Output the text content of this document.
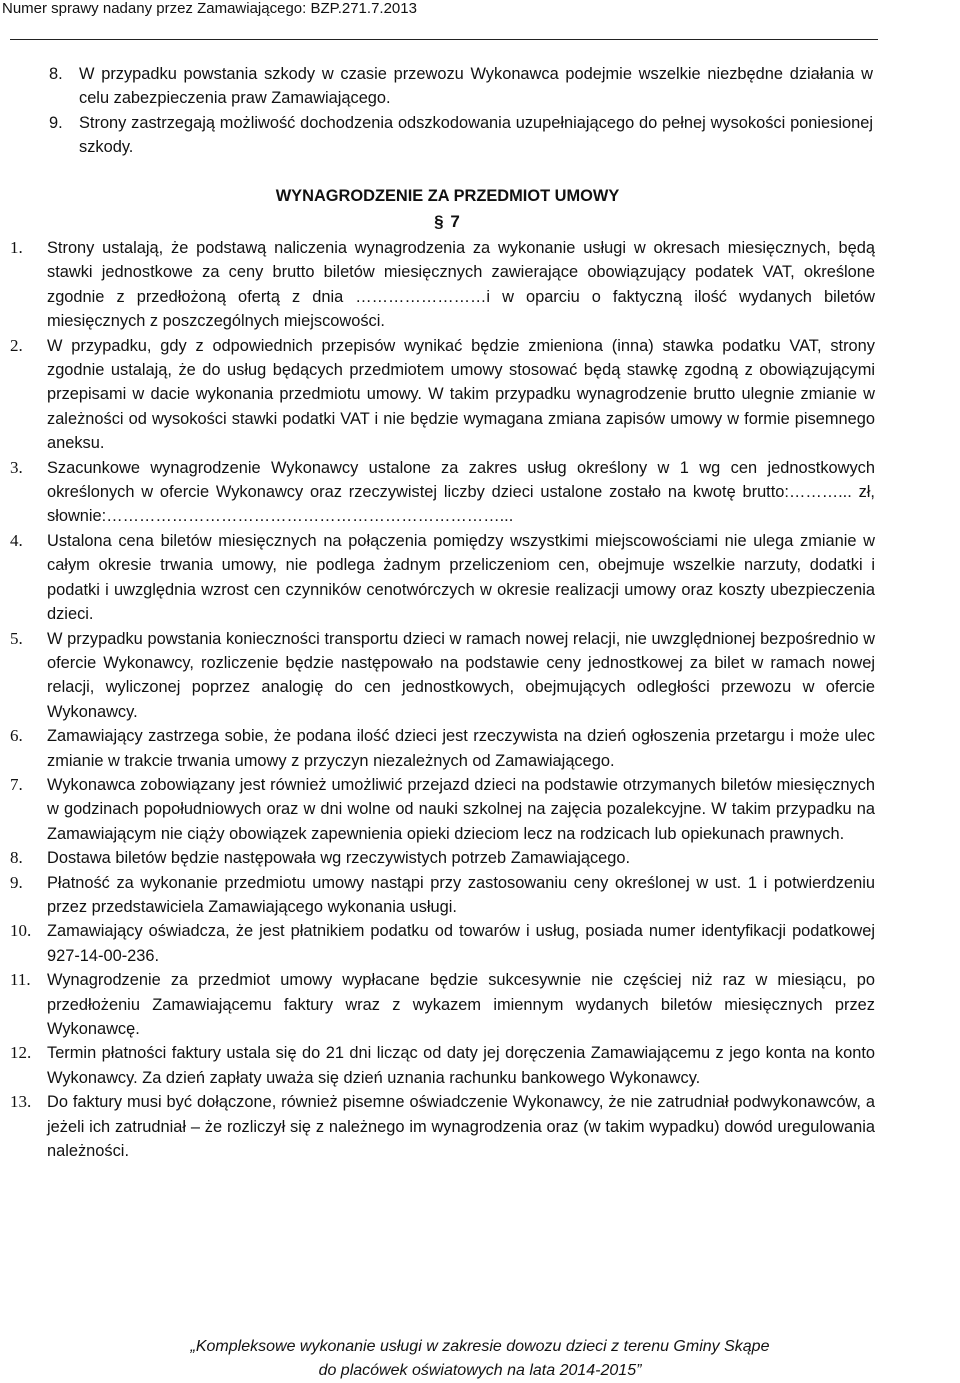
Numer sprawy nadany przez Zamawiającego: BZP.271.7.2013
8. W przypadku powstania szkody w czasie przewozu Wykonawca podejmie wszelkie niezbędne działania w celu zabezpieczenia praw Zamawiającego.
9. Strony zastrzegają możliwość dochodzenia odszkodowania uzupełniającego do pełnej wysokości poniesionej szkody.
WYNAGRODZENIE ZA PRZEDMIOT UMOWY
§ 7
1. Strony ustalają, że podstawą naliczenia wynagrodzenia za wykonanie usługi w okresach miesięcznych, będą stawki jednostkowe za ceny brutto biletów miesięcznych zawierające obowiązujący podatek VAT, określone zgodnie z przedłożoną ofertą z dnia ……………………i w oparciu o faktyczną ilość wydanych biletów miesięcznych z poszczególnych miejscowości.
2. W przypadku, gdy z odpowiednich przepisów wynikać będzie zmieniona (inna) stawka podatku VAT, strony zgodnie ustalają, że do usług będących przedmiotem umowy stosować będą stawkę zgodną z obowiązującymi przepisami w dacie wykonania przedmiotu umowy. W takim przypadku wynagrodzenie brutto ulegnie zmianie w zależności od wysokości stawki podatki VAT i nie będzie wymagana zmiana zapisów umowy w formie pisemnego aneksu.
3. Szacunkowe wynagrodzenie Wykonawcy ustalone za zakres usług określony w 1 wg cen jednostkowych określonych w ofercie Wykonawcy oraz rzeczywistej liczby dzieci ustalone zostało na kwotę brutto:………... zł, słownie:………………………………………………………………...
4. Ustalona cena biletów miesięcznych na połączenia pomiędzy wszystkimi miejscowościami nie ulega zmianie w całym okresie trwania umowy, nie podlega żadnym przeliczeniom cen, obejmuje wszelkie narzuty, dodatki i podatki i uwzględnia wzrost cen czynników cenotwórczych w okresie realizacji umowy oraz koszty ubezpieczenia dzieci.
5. W przypadku powstania konieczności transportu dzieci w ramach nowej relacji, nie uwzględnionej bezpośrednio w ofercie Wykonawcy, rozliczenie będzie następowało na podstawie ceny jednostkowej za bilet w ramach nowej relacji, wyliczonej poprzez analogię do cen jednostkowych, obejmujących odległości przewozu w ofercie Wykonawcy.
6. Zamawiający zastrzega sobie, że podana ilość dzieci jest rzeczywista na dzień ogłoszenia przetargu i może ulec zmianie w trakcie trwania umowy z przyczyn niezależnych od Zamawiającego.
7. Wykonawca zobowiązany jest również umożliwić przejazd dzieci na podstawie otrzymanych biletów miesięcznych w godzinach popołudniowych oraz w dni wolne od nauki szkolnej na zajęcia pozalekcyjne. W takim przypadku na Zamawiającym nie ciąży obowiązek zapewnienia opieki dzieciom lecz na rodzicach lub opiekunach prawnych.
8. Dostawa biletów będzie następowała wg rzeczywistych potrzeb Zamawiającego.
9. Płatność za wykonanie przedmiotu umowy nastąpi przy zastosowaniu ceny określonej w ust. 1 i potwierdzeniu przez przedstawiciela Zamawiającego wykonania usługi.
10. Zamawiający oświadcza, że jest płatnikiem podatku od towarów i usług, posiada numer identyfikacji podatkowej 927-14-00-236.
11. Wynagrodzenie za przedmiot umowy wypłacane będzie sukcesywnie nie częściej niż raz w miesiącu, po przedłożeniu Zamawiającemu faktury wraz z wykazem imiennym wydanych biletów miesięcznych przez Wykonawcę.
12. Termin płatności faktury ustala się do 21 dni licząc od daty jej doręczenia Zamawiającemu z jego konta na konto Wykonawcy. Za dzień zapłaty uważa się dzień uznania rachunku bankowego Wykonawcy.
13. Do faktury musi być dołączone, również pisemne oświadczenie Wykonawcy, że nie zatrudniał podwykonawców, a jeżeli ich zatrudniał – że rozliczył się z należnego im wynagrodzenia oraz (w takim wypadku) dowód uregulowania należności.
„Kompleksowe wykonanie usługi w zakresie dowozu dzieci z terenu Gminy Skąpe
do placówek oświatowych na lata 2014-2015”
